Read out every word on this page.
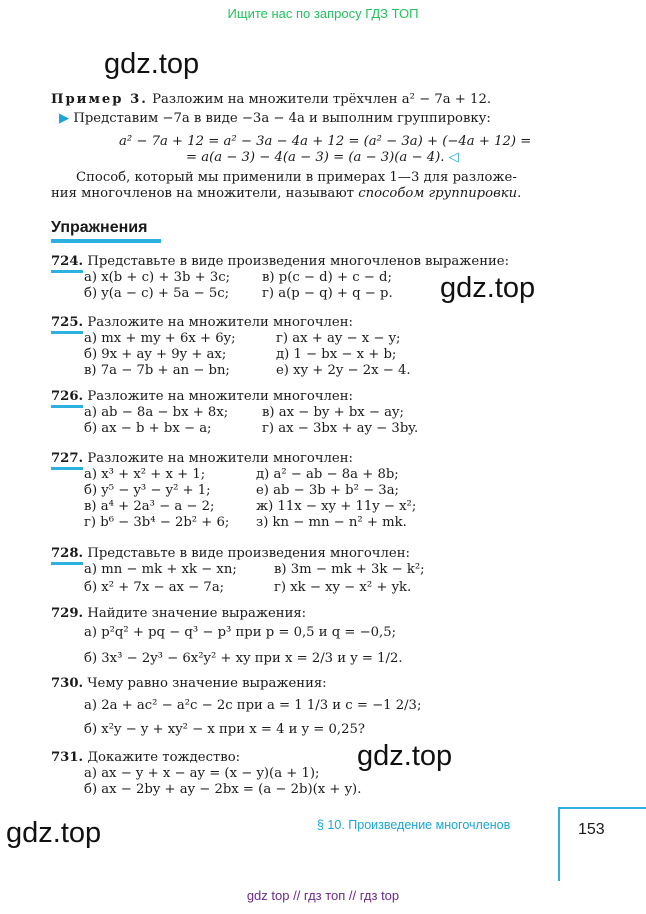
Ищите нас по запросу ГДЗ ТОП
gdz.top
gdz.top
gdz.top
gdz.top
Пример 3. Разложим на множители трёхчлен a² − 7a + 12.
▶ Представим −7a в виде −3a − 4a и выполним группировку:
a² − 7a + 12 = a² − 3a − 4a + 12 = (a² − 3a) + (−4a + 12) =
= a(a − 3) − 4(a − 3) = (a − 3)(a − 4). ◁
Способ, который мы применили в примерах 1—3 для разложе-
ния многочленов на множители, называют способом группировки.
Упражнения
724. Представьте в виде произведения многочленов выражение:
а) x(b + c) + 3b + 3c;
б) y(a − c) + 5a − 5c;
в) p(c − d) + c − d;
г) a(p − q) + q − p.
725. Разложите на множители многочлен:
а) mx + my + 6x + 6y;
б) 9x + ay + 9y + ax;
в) 7a − 7b + an − bn;
г) ax + ay − x − y;
д) 1 − bx − x + b;
е) xy + 2y − 2x − 4.
726. Разложите на множители многочлен:
а) ab − 8a − bx + 8x;
б) ax − b + bx − a;
в) ax − by + bx − ay;
г) ax − 3bx + ay − 3by.
727. Разложите на множители многочлен:
а) x³ + x² + x + 1;
б) y⁵ − y³ − y² + 1;
в) a⁴ + 2a³ − a − 2;
г) b⁶ − 3b⁴ − 2b² + 6;
д) a² − ab − 8a + 8b;
е) ab − 3b + b² − 3a;
ж) 11x − xy + 11y − x²;
з) kn − mn − n² + mk.
728. Представьте в виде произведения многочлен:
а) mn − mk + xk − xn;
б) x² + 7x − ax − 7a;
в) 3m − mk + 3k − k²;
г) xk − xy − x² + yk.
729. Найдите значение выражения:
а) p²q² + pq − q³ − p³ при p = 0,5 и q = −0,5;
б) 3x³ − 2y³ − 6x²y² + xy при x = 2/3 и y = 1/2.
730. Чему равно значение выражения:
а) 2a + ac² − a²c − 2c при a = 1 1/3 и c = −1 2/3;
б) x²y − y + xy² − x при x = 4 и y = 0,25?
731. Докажите тождество:
а) ax − y + x − ay = (x − y)(a + 1);
б) ax − 2by + ay − 2bx = (a − 2b)(x + y).
§ 10. Произведение многочленов	153
gdz top // гдз топ // гдз top
